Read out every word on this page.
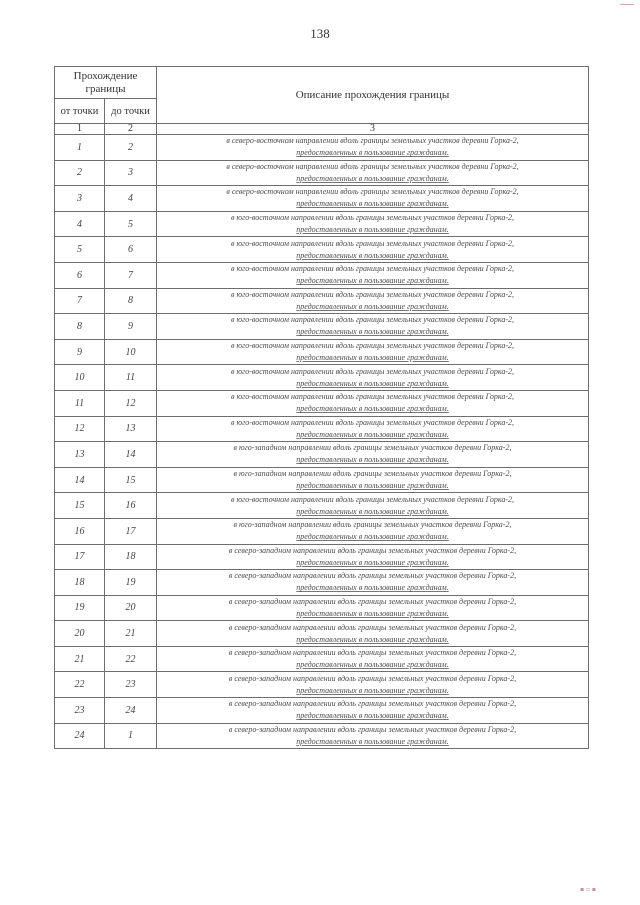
138
Прохождение границы		Описание прохождения границы
от точки	до точки	
1	2	3
1	2	в северо-восточном направлении вдоль границы земельных участков деревни Горка-2,
предоставленных в пользование гражданам.

2	3	в северо-восточном направлении вдоль границы земельных участков деревни Горка-2,
предоставленных в пользование гражданам.

3	4	в северо-восточном направлении вдоль границы земельных участков деревни Горка-2,
предоставленных в пользование гражданам.

4	5	в юго-восточном направлении вдоль границы земельных участков деревни Горка-2,
предоставленных в пользование гражданам.

5	6	в юго-восточном направлении вдоль границы земельных участков деревни Горка-2,
предоставленных в пользование гражданам.

6	7	в юго-восточном направлении вдоль границы земельных участков деревни Горка-2,
предоставленных в пользование гражданам.

7	8	в юго-восточном направлении вдоль границы земельных участков деревни Горка-2,
предоставленных в пользование гражданам.

8	9	в юго-восточном направлении вдоль границы земельных участков деревни Горка-2,
предоставленных в пользование гражданам.

9	10	в юго-восточном направлении вдоль границы земельных участков деревни Горка-2,
предоставленных в пользование гражданам.

10	11	в юго-восточном направлении вдоль границы земельных участков деревни Горка-2,
предоставленных в пользование гражданам.

11	12	в юго-восточном направлении вдоль границы земельных участков деревни Горка-2,
предоставленных в пользование гражданам.

12	13	в юго-восточном направлении вдоль границы земельных участков деревни Горка-2,
предоставленных в пользование гражданам.

13	14	в юго-западном направлении вдоль границы земельных участков деревни Горка-2,
предоставленных в пользование гражданам.

14	15	в юго-западном направлении вдоль границы земельных участков деревни Горка-2,
предоставленных в пользование гражданам.

15	16	в юго-восточном направлении вдоль границы земельных участков деревни Горка-2,
предоставленных в пользование гражданам.

16	17	в юго-западном направлении вдоль границы земельных участков деревни Горка-2,
предоставленных в пользование гражданам.

17	18	в северо-западном направлении вдоль границы земельных участков деревни Горка-2,
предоставленных в пользование гражданам.

18	19	в северо-западном направлении вдоль границы земельных участков деревни Горка-2,
предоставленных в пользование гражданам.

19	20	в северо-западном направлении вдоль границы земельных участков деревни Горка-2,
предоставленных в пользование гражданам.

20	21	в северо-западном направлении вдоль границы земельных участков деревни Горка-2,
предоставленных в пользование гражданам.

21	22	в северо-западном направлении вдоль границы земельных участков деревни Горка-2,
предоставленных в пользование гражданам.

22	23	в северо-западном направлении вдоль границы земельных участков деревни Горка-2,
предоставленных в пользование гражданам.

23	24	в северо-западном направлении вдоль границы земельных участков деревни Горка-2,
предоставленных в пользование гражданам.

24	1	в северо-западном направлении вдоль границы земельных участков деревни Горка-2,
предоставленных в пользование гражданам.
▪ ▫ ▪
